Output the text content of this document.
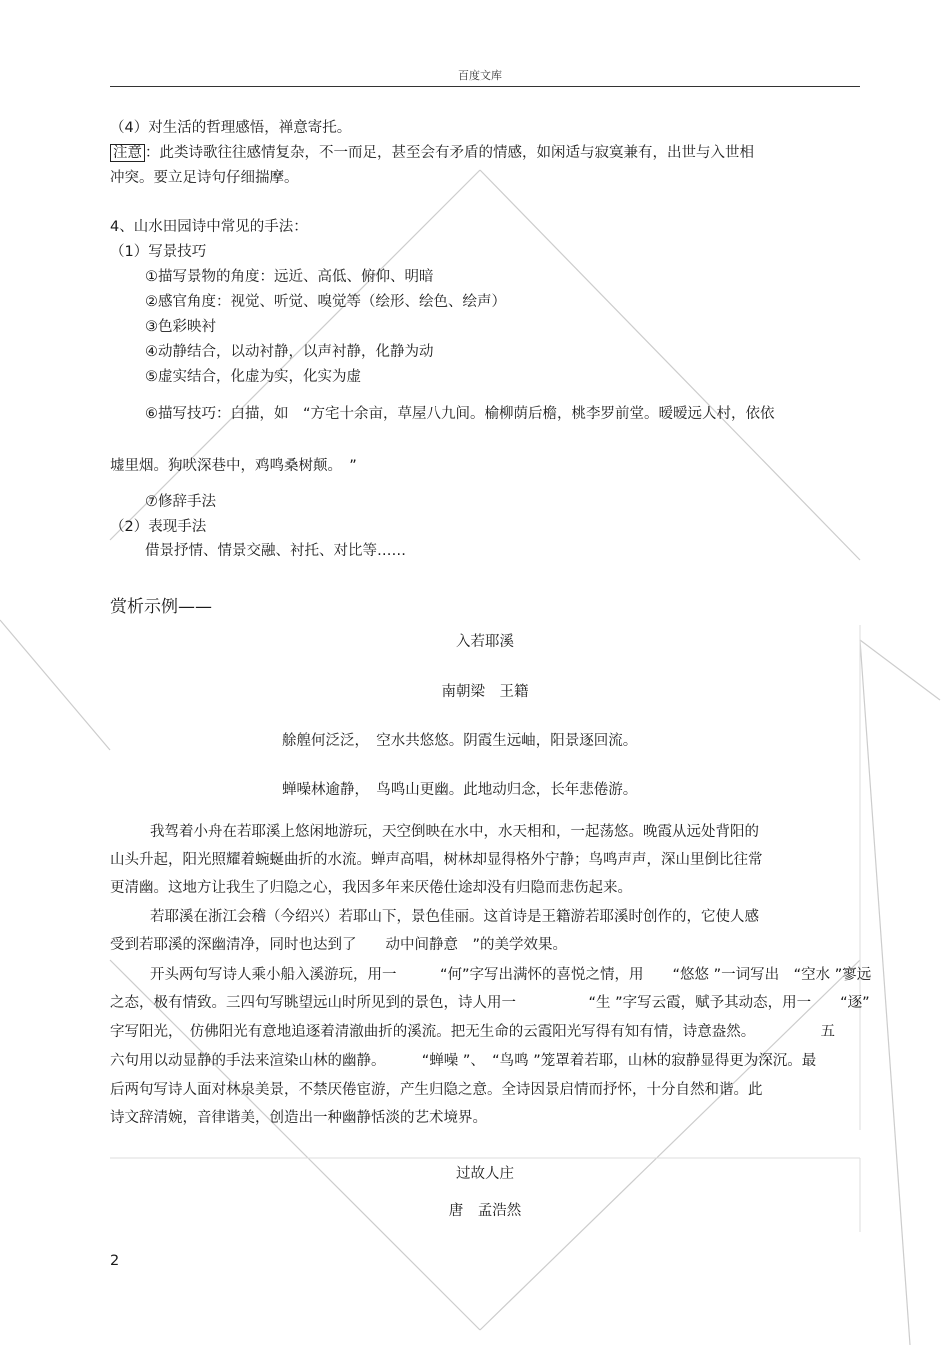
百度文库
（4）对生活的哲理感悟，禅意寄托。
注意 ：此类诗歌往往感情复杂，不一而足，甚至会有矛盾的情感，如闲适与寂寞兼有，出世与入世相
冲突。要立足诗句仔细揣摩。
4、山水田园诗中常见的手法：
（1）写景技巧
①描写景物的角度：远近、高低、俯仰、明暗
②感官角度：视觉、听觉、嗅觉等（绘形、绘色、绘声）
③色彩映衬
④动静结合，以动衬静，以声衬静，化静为动
⑤虚实结合，化虚为实，化实为虚
⑥描写技巧：白描，如　“方宅十余亩，草屋八九间。榆柳荫后檐，桃李罗前堂。暧暧远人村，依依
墟里烟。狗吠深巷中，鸡鸣桑树颠。　”
⑦修辞手法
（2）表现手法
借景抒情、情景交融、衬托、对比等……
赏析示例——
入若耶溪
南朝梁　王籍
艅艎何泛泛，　空水共悠悠。阴霞生远岫，阳景逐回流。
蝉噪林逾静，　鸟鸣山更幽。此地动归念，长年悲倦游。
我驾着小舟在若耶溪上悠闲地游玩，天空倒映在水中，水天相和，一起荡悠。晚霞从远处背阳的
山头升起，阳光照耀着蜿蜒曲折的水流。蝉声高唱，树林却显得格外宁静；鸟鸣声声，深山里倒比往常
更清幽。这地方让我生了归隐之心，我因多年来厌倦仕途却没有归隐而悲伤起来。
若耶溪在浙江会稽（今绍兴）若耶山下，景色佳丽。这首诗是王籍游若耶溪时创作的，它使人感
受到若耶溪的深幽清净，同时也达到了　　动中间静意　”的美学效果。
开头两句写诗人乘小船入溪游玩，用一　　　“何”字写出满怀的喜悦之情，用　　“悠悠 ”一词写出　“空水 ”寥远
之态，极有情致。三四句写眺望远山时所见到的景色，诗人用一　　　　　“生 ”字写云霞，赋予其动态，用一　　“逐”
字写阳光，　仿佛阳光有意地追逐着清澈曲折的溪流。把无生命的云霞阳光写得有知有情，诗意盎然。　　　　　五
六句用以动显静的手法来渲染山林的幽静。　　　“蝉噪 ”、　“鸟鸣 ”笼罩着若耶，山林的寂静显得更为深沉。最
后两句写诗人面对林泉美景，不禁厌倦宦游，产生归隐之意。全诗因景启情而抒怀，十分自然和谐。此
诗文辞清婉，音律谐美，创造出一种幽静恬淡的艺术境界。
过故人庄
唐　孟浩然
2
